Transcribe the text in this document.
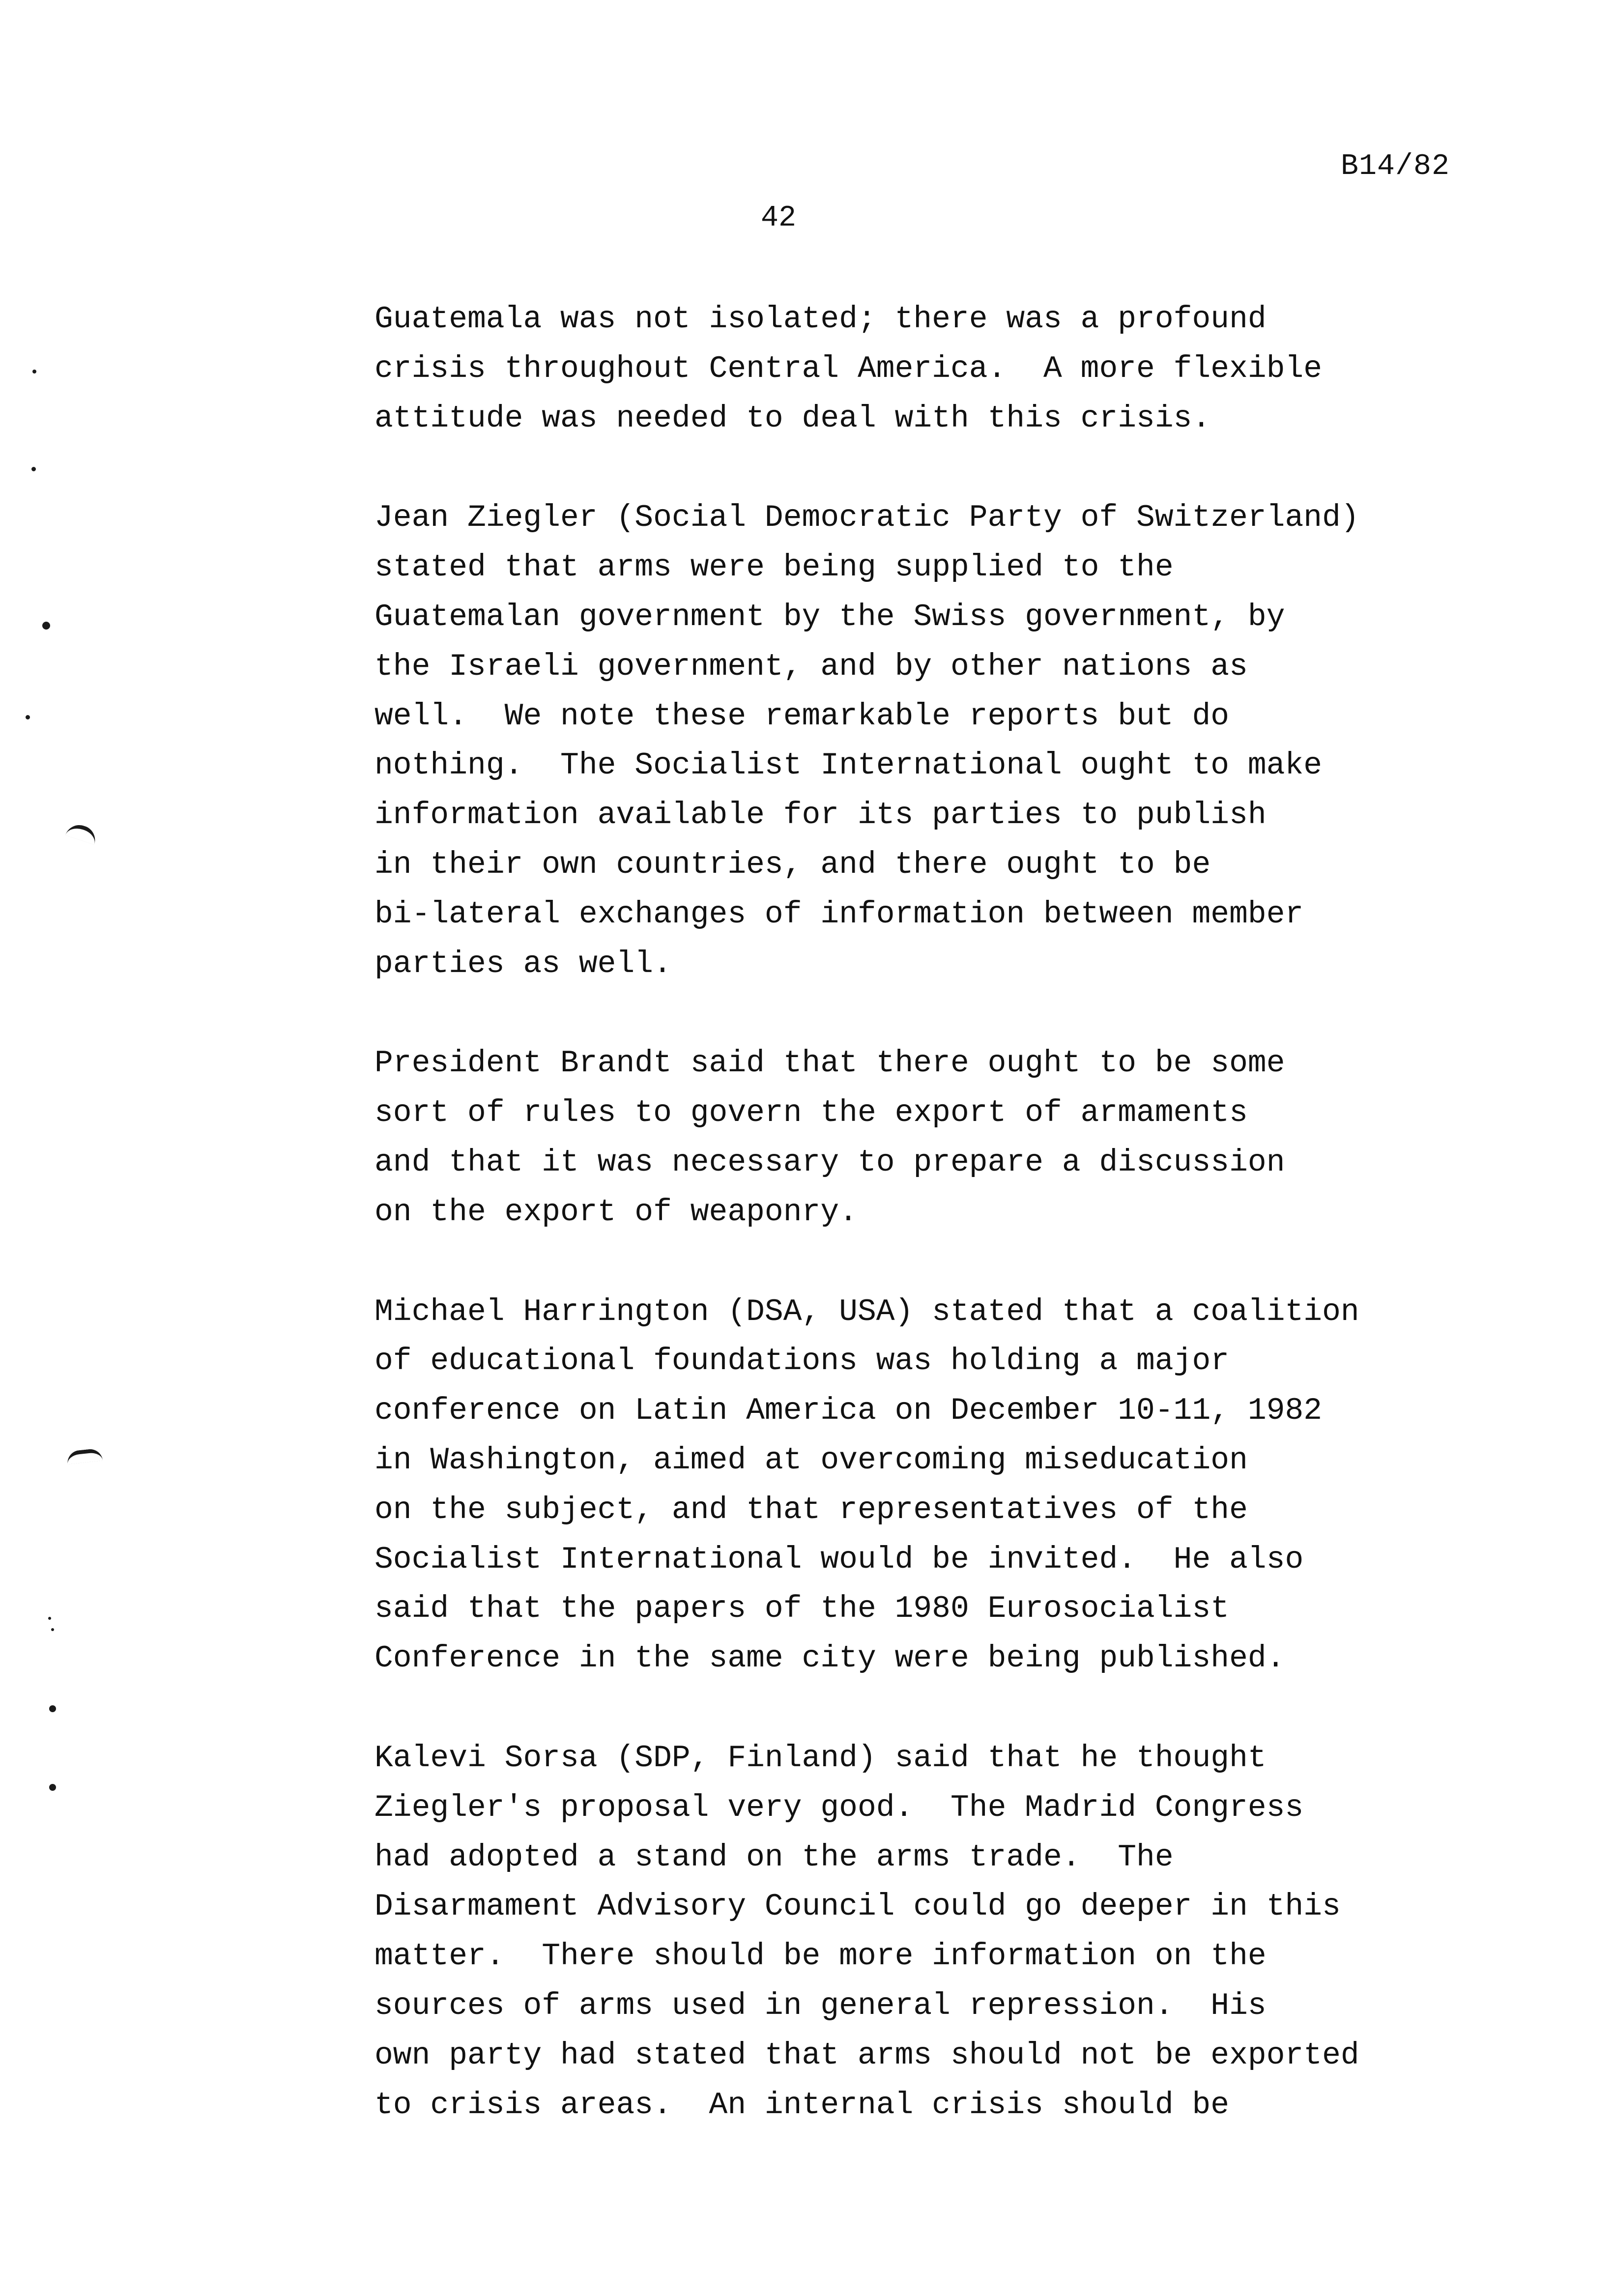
B14/82

42

Guatemala was not isolated; there was a profound
crisis throughout Central America.  A more flexible
attitude was needed to deal with this crisis.
Jean Ziegler (Social Democratic Party of Switzerland)
stated that arms were being supplied to the
Guatemalan government by the Swiss government, by
the Israeli government, and by other nations as
well.  We note these remarkable reports but do
nothing.  The Socialist International ought to make
information available for its parties to publish
in their own countries, and there ought to be
bi-lateral exchanges of information between member
parties as well.
President Brandt said that there ought to be some
sort of rules to govern the export of armaments
and that it was necessary to prepare a discussion
on the export of weaponry.
Michael Harrington (DSA, USA) stated that a coalition
of educational foundations was holding a major
conference on Latin America on December 10-11, 1982
in Washington, aimed at overcoming miseducation
on the subject, and that representatives of the
Socialist International would be invited.  He also
said that the papers of the 1980 Eurosocialist
Conference in the same city were being published.
Kalevi Sorsa (SDP, Finland) said that he thought
Ziegler's proposal very good.  The Madrid Congress
had adopted a stand on the arms trade.  The
Disarmament Advisory Council could go deeper in this
matter.  There should be more information on the
sources of arms used in general repression.  His
own party had stated that arms should not be exported
to crisis areas.  An internal crisis should be
